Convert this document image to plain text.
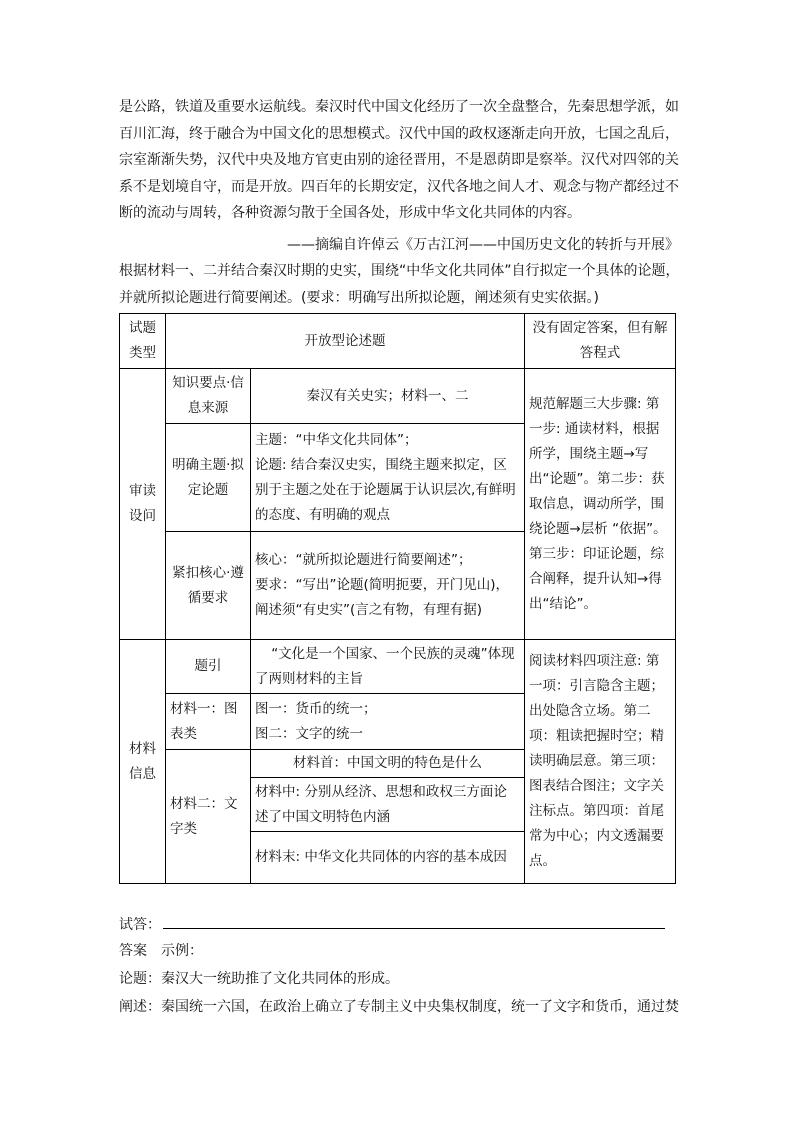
是公路，铁道及重要水运航线。秦汉时代中国文化经历了一次全盘整合，先秦思想学派，如
百川汇海，终于融合为中国文化的思想模式。汉代中国的政权逐渐走向开放，七国之乱后，
宗室渐渐失势，汉代中央及地方官吏由别的途径晋用，不是恩荫即是察举。汉代对四邻的关
系不是划境自守，而是开放。四百年的长期安定，汉代各地之间人才、观念与物产都经过不
断的流动与周转，各种资源匀散于全国各处，形成中华文化共同体的内容。
——摘编自许倬云《万古江河——中国历史文化的转折与开展》
根据材料一、二并结合秦汉时期的史实，围绕“中华文化共同体”自行拟定一个具体的论题，
并就所拟论题进行简要阐述。(要求：明确写出所拟论题，阐述须有史实依据。)
试题类型	开放型论述题		没有固定答案，但有解答程式
审读设问	知识要点·信息来源	秦汉有关史实；材料一、二	规范解题三大步骤: 第一步: 通读材料，根据所学，围绕主题→写出“论题”。第二步：获取信息，调动所学，围绕论题→层析 “依据”。第三步：印证论题，综合阐释，提升认知→得出“结论”。
	明确主题·拟定论题	主题：“中华文化共同体”；
论题: 结合秦汉史实，围绕主题来拟定，区别于主题之处在于论题属于认识层次,有鲜明的态度、有明确的观点	

	紧扣核心·遵循要求	核心：“就所拟论题进行简要阐述”；
要求：“写出”论题(简明扼要，开门见山)，阐述须“有史实”(言之有物，有理有据)	

材料信息	题引	“文化是一个国家、一个民族的灵魂”体现了两则材料的主旨	阅读材料四项注意: 第一项：引言隐含主题；出处隐含立场。第二项：粗读把握时空；精读明确层意。第三项：图表结合图注；文字关注标点。第四项：首尾常为中心；内文透漏要点。
	材料一：图表类	图一：货币的统一；
图二：文字的统一	

	材料二：文字类	材料首：中国文明的特色是什么	
		材料中: 分别从经济、思想和政权三方面论述了中国文明特色内涵	
		材料末: 中华文化共同体的内容的基本成因	
试答：
答案　示例：
论题：秦汉大一统助推了文化共同体的形成。
阐述：秦国统一六国，在政治上确立了专制主义中央集权制度，统一了文字和货币，通过焚
